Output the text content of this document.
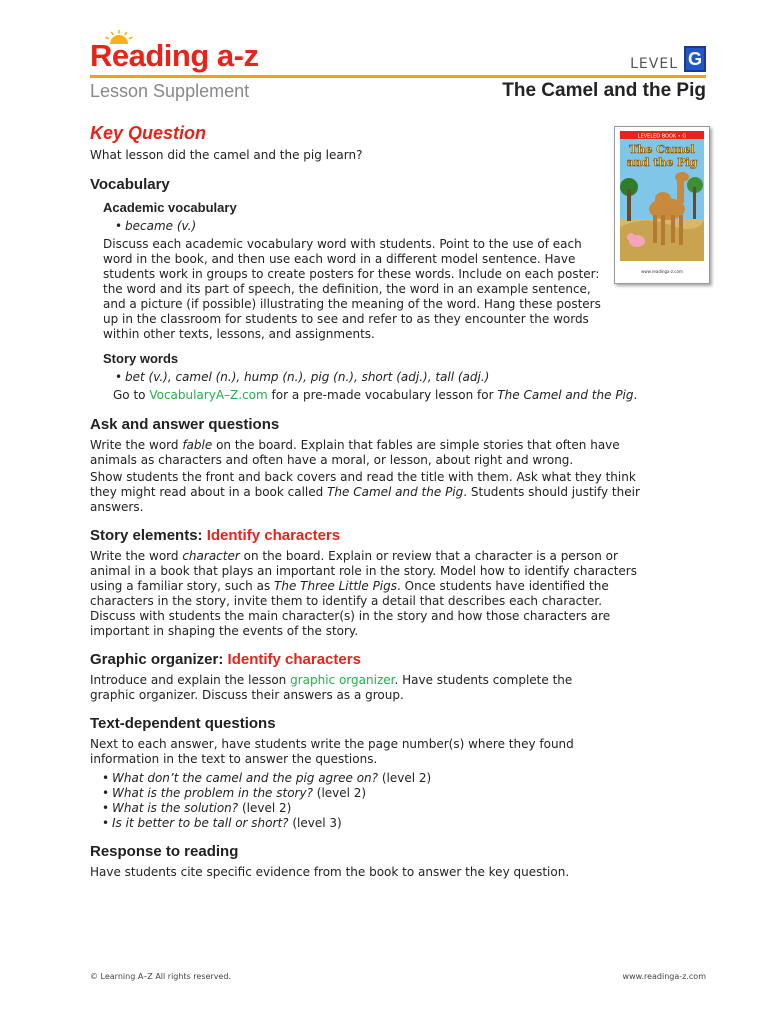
Reading a-z	LEVEL G
Lesson Supplement	The Camel and the Pig
LEVELED BOOK • G
The Camel
and the Pig
www.readinga-z.com
Key Question

What lesson did the camel and the pig learn?

Vocabulary
Academic vocabulary
• became (v.)

Discuss each academic vocabulary word with students. Point to the use of each word in the book, and then use each word in a different model sentence. Have students work in groups to create posters for these words. Include on each poster: the word and its part of speech, the definition, the word in an example sentence, and a picture (if possible) illustrating the meaning of the word. Hang these posters up in the classroom for students to see and refer to as they encounter the words within other texts, lessons, and assignments.

Story words
• bet (v.), camel (n.), hump (n.), pig (n.), short (adj.), tall (adj.)

Go to VocabularyA–Z.com for a pre-made vocabulary lesson for The Camel and the Pig.

Ask and answer questions

Write the word fable on the board. Explain that fables are simple stories that often have animals as characters and often have a moral, or lesson, about right and wrong.

Show students the front and back covers and read the title with them. Ask what they think they might read about in a book called The Camel and the Pig. Students should justify their answers.

Story elements: Identify characters

Write the word character on the board. Explain or review that a character is a person or animal in a book that plays an important role in the story. Model how to identify characters using a familiar story, such as The Three Little Pigs. Once students have identified the characters in the story, invite them to identify a detail that describes each character. Discuss with students the main character(s) in the story and how those characters are important in shaping the events of the story.

Graphic organizer: Identify characters

Introduce and explain the lesson graphic organizer. Have students complete the graphic organizer. Discuss their answers as a group.

Text-dependent questions

Next to each answer, have students write the page number(s) where they found information in the text to answer the questions.

• What don’t the camel and the pig agree on? (level 2)
• What is the problem in the story? (level 2)
• What is the solution? (level 2)
• Is it better to be tall or short? (level 3)
Response to reading

Have students cite specific evidence from the book to answer the key question.

© Learning A–Z All rights reserved.	www.readinga-z.com
